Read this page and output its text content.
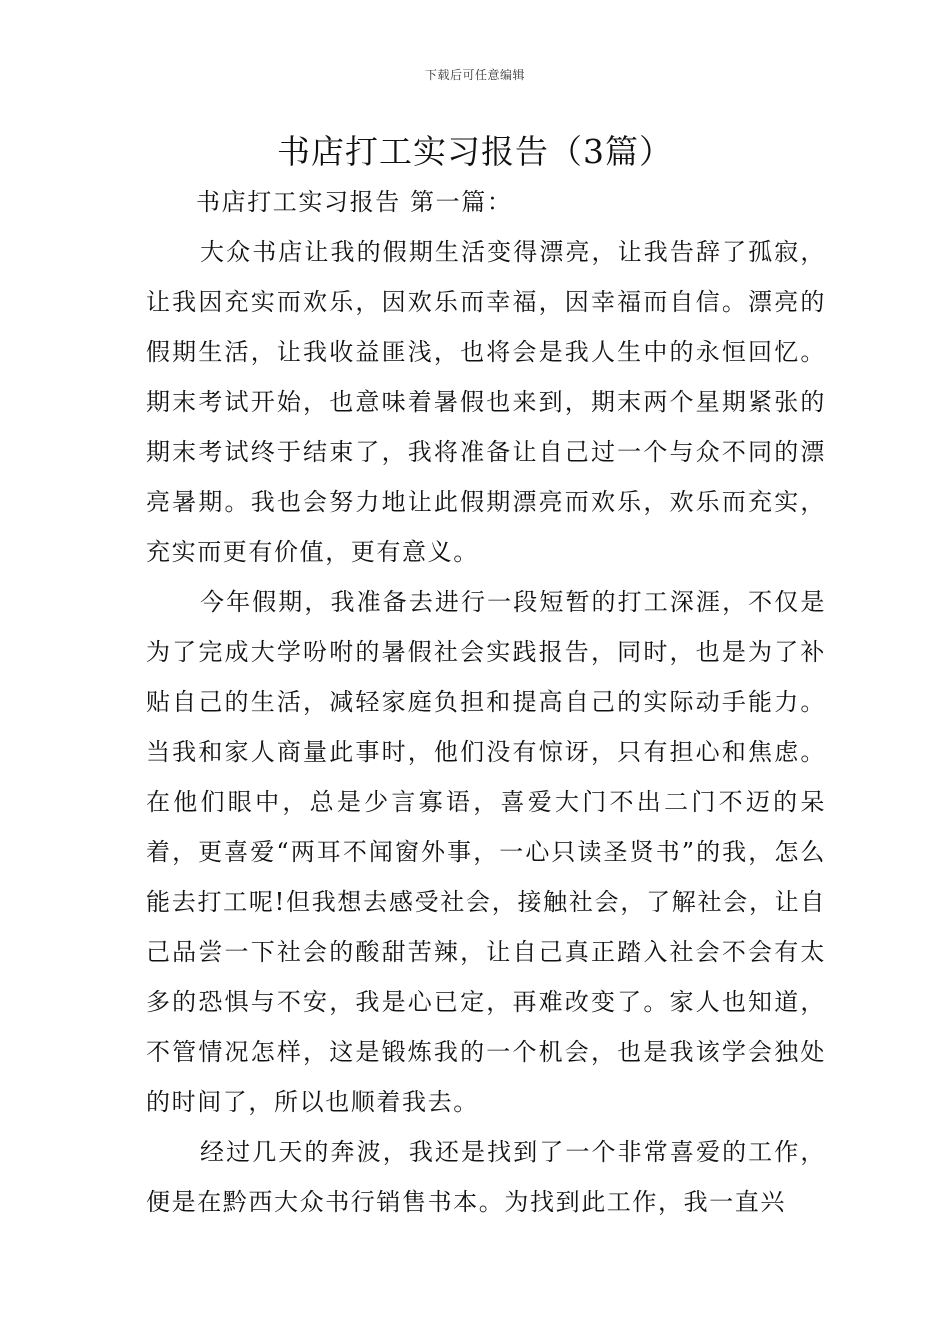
下载后可任意编辑
书店打工实习报告（3篇）

书店打工实习报告 第一篇：

大众书店让我的假期生活变得漂亮，让我告辞了孤寂，让我因充实而欢乐，因欢乐而幸福，因幸福而自信。漂亮的假期生活，让我收益匪浅，也将会是我人生中的永恒回忆。期末考试开始，也意味着暑假也来到，期末两个星期紧张的期末考试终于结束了，我将准备让自己过一个与众不同的漂亮暑期。我也会努力地让此假期漂亮而欢乐，欢乐而充实，充实而更有价值，更有意义。

今年假期，我准备去进行一段短暂的打工深涯，不仅是为了完成大学吩咐的暑假社会实践报告，同时，也是为了补贴自己的生活，减轻家庭负担和提高自己的实际动手能力。当我和家人商量此事时，他们没有惊讶，只有担心和焦虑。在他们眼中，总是少言寡语，喜爱大门不出二门不迈的呆着，更喜爱“两耳不闻窗外事，一心只读圣贤书”的我，怎么能去打工呢!但我想去感受社会，接触社会，了解社会，让自己品尝一下社会的酸甜苦辣，让自己真正踏入社会不会有太多的恐惧与不安，我是心已定，再难改变了。家人也知道，不管情况怎样，这是锻炼我的一个机会，也是我该学会独处的时间了，所以也顺着我去。

经过几天的奔波，我还是找到了一个非常喜爱的工作，便是在黔西大众书行销售书本。为找到此工作，我一直兴
